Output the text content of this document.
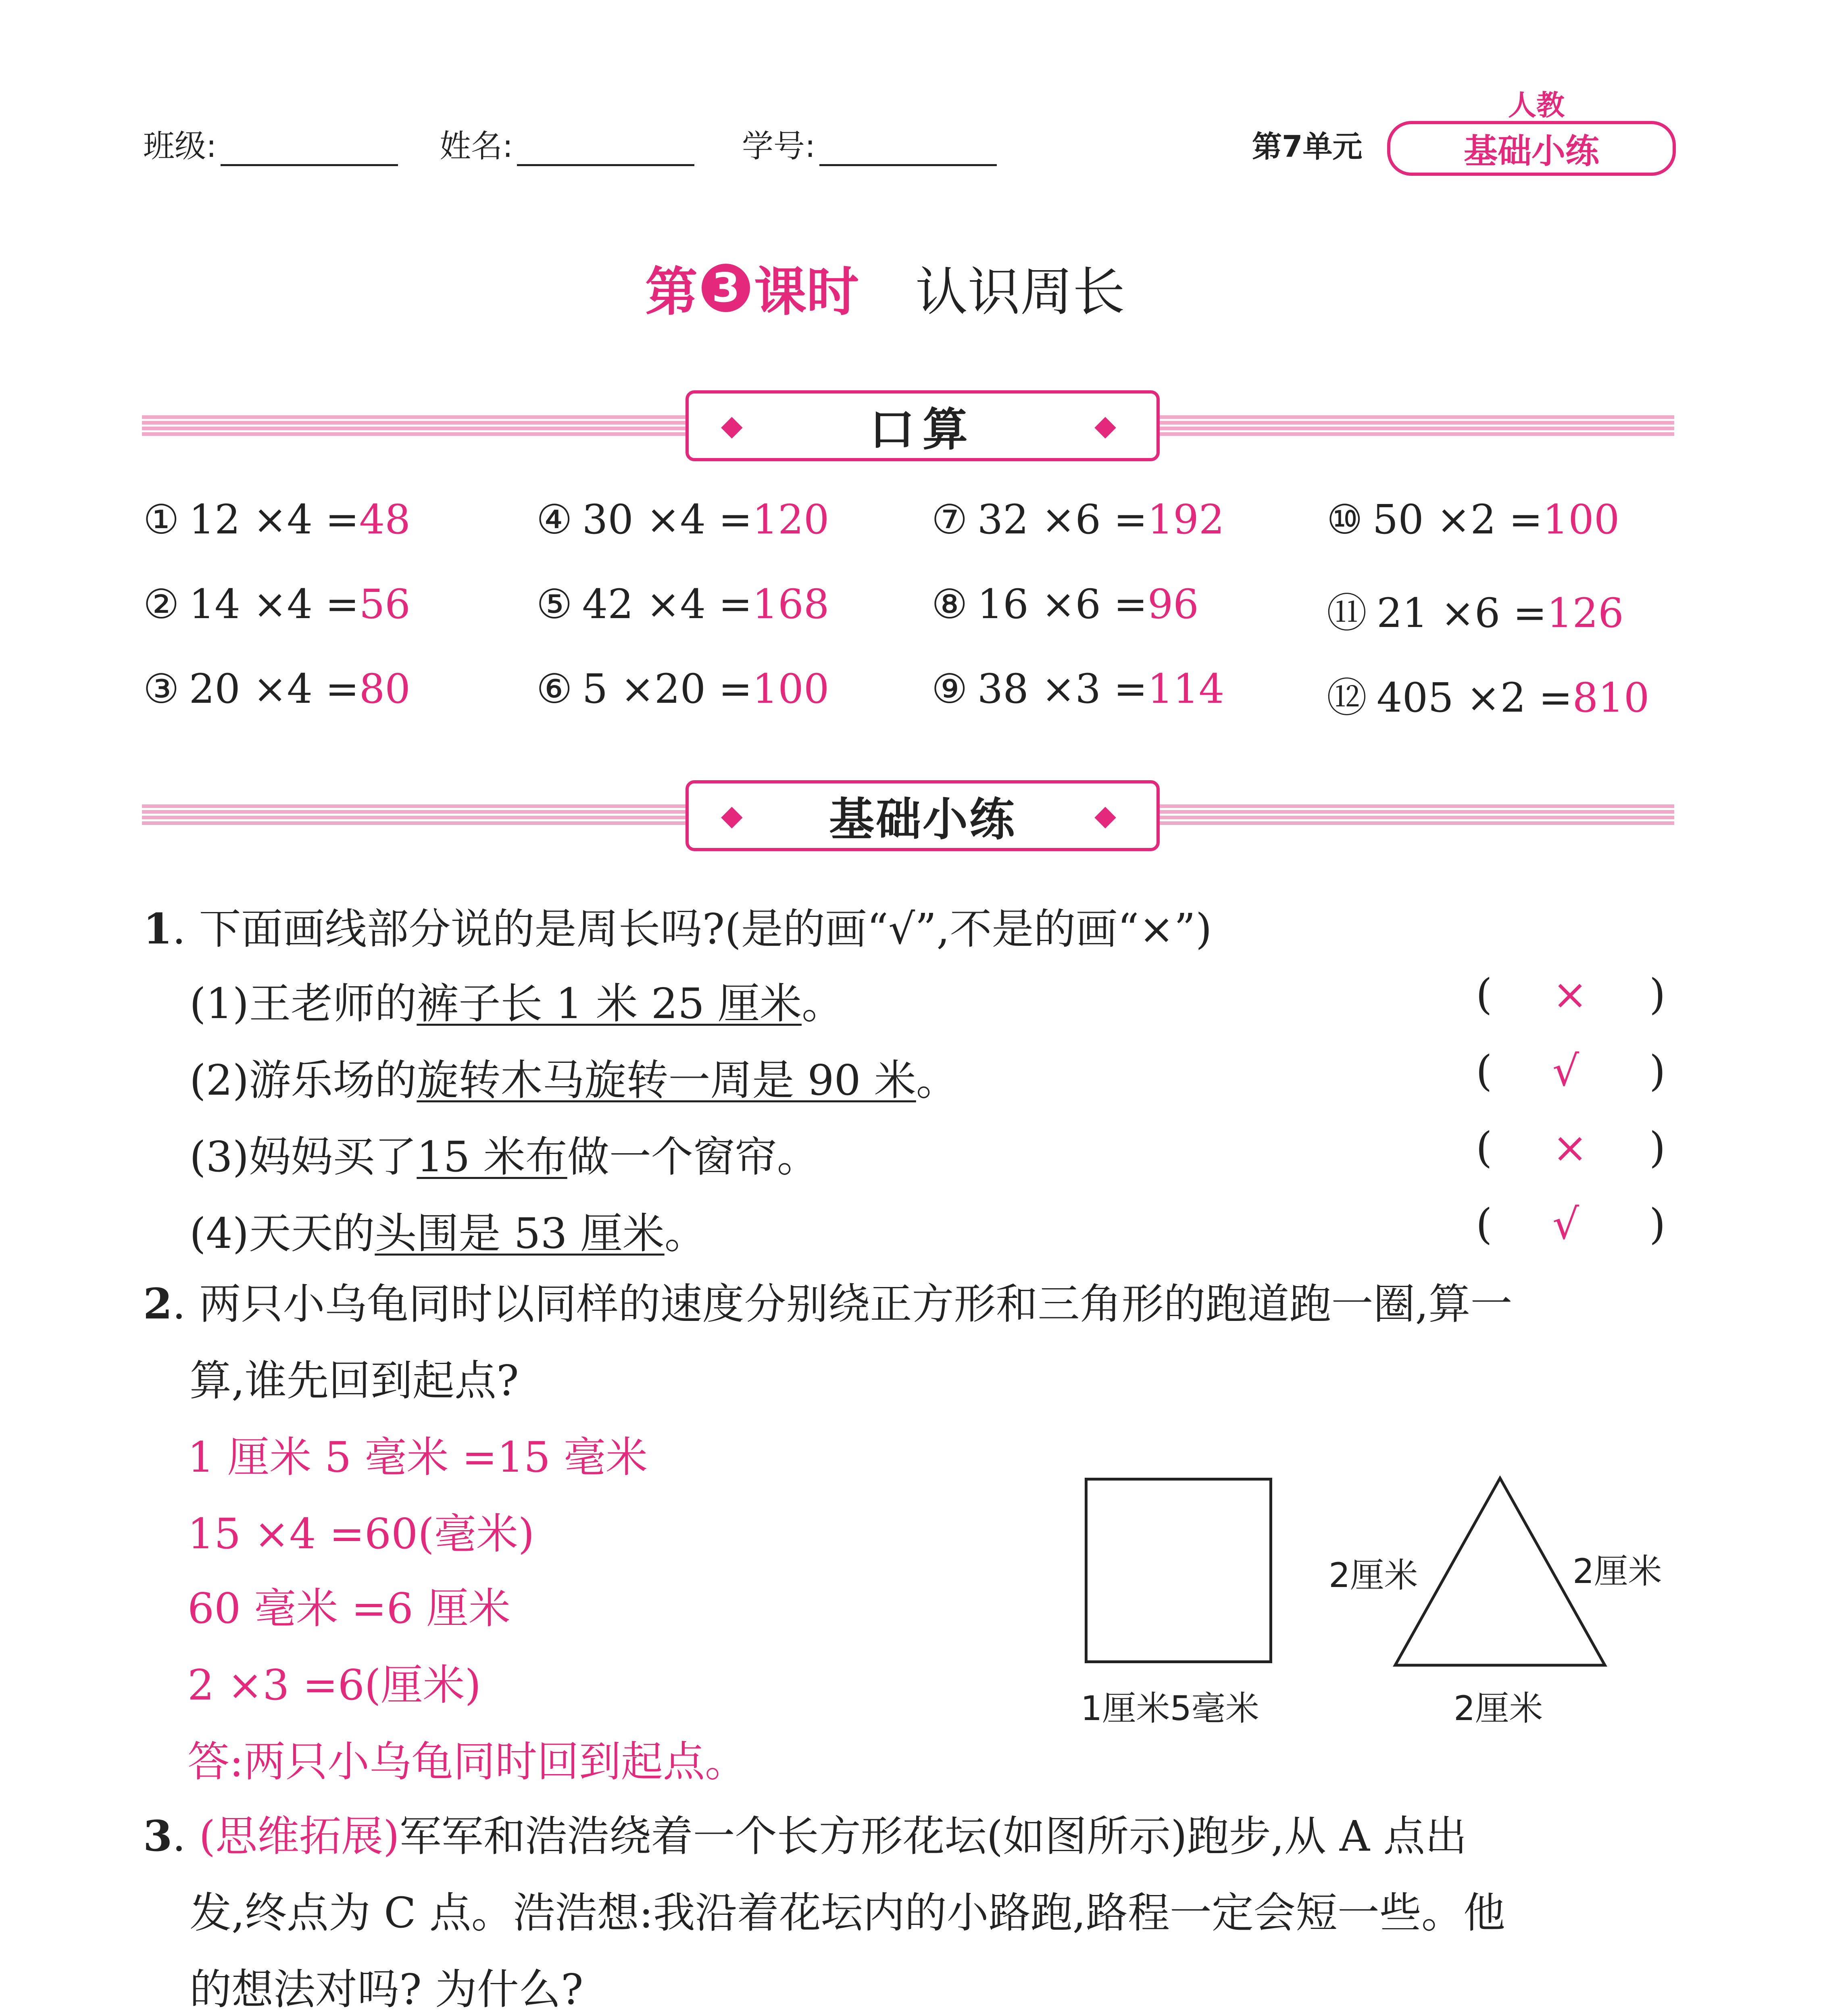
班级:	姓名:	学号:	第7单元
人教
基础小练
第 3 课时 认识周长
◆	口算	◆
① 12 ×4 =48	④ 30 ×4 =120	⑦ 32 ×6 =192	⑩ 50 ×2 =100
② 14 ×4 =56	⑤ 42 ×4 =168	⑧ 16 ×6 =96	⑪ 21 ×6 =126
③ 20 ×4 =80	⑥ 5 ×20 =100	⑨ 38 ×3 =114	⑫ 405 ×2 =810
◆ 基础小练	◆
1. 下面画线部分说的是周长吗?(是的画“√”,不是的画“×”)
(1)王老师的裤子长 1 米 25 厘米。	( × )
(2)游乐场的旋转木马旋转一周是 90 米。	( √ )
(3)妈妈买了15 米布做一个窗帘。	( × )
(4)天天的头围是 53 厘米。	( √ )
2. 两只小乌龟同时以同样的速度分别绕正方形和三角形的跑道跑一圈,算一
算,谁先回到起点?
1 厘米 5 毫米 =15 毫米
15 ×4 =60(毫米)
60 毫米 =6 厘米
2 ×3 =6(厘米)
答:两只小乌龟同时回到起点。
1厘米5毫米
2厘米	2厘米
2厘米
3. (思维拓展)军军和浩浩绕着一个长方形花坛(如图所示)跑步,从 A 点出
发,终点为 C 点。浩浩想:我沿着花坛内的小路跑,路程一定会短一些。他
的想法对吗? 为什么?
